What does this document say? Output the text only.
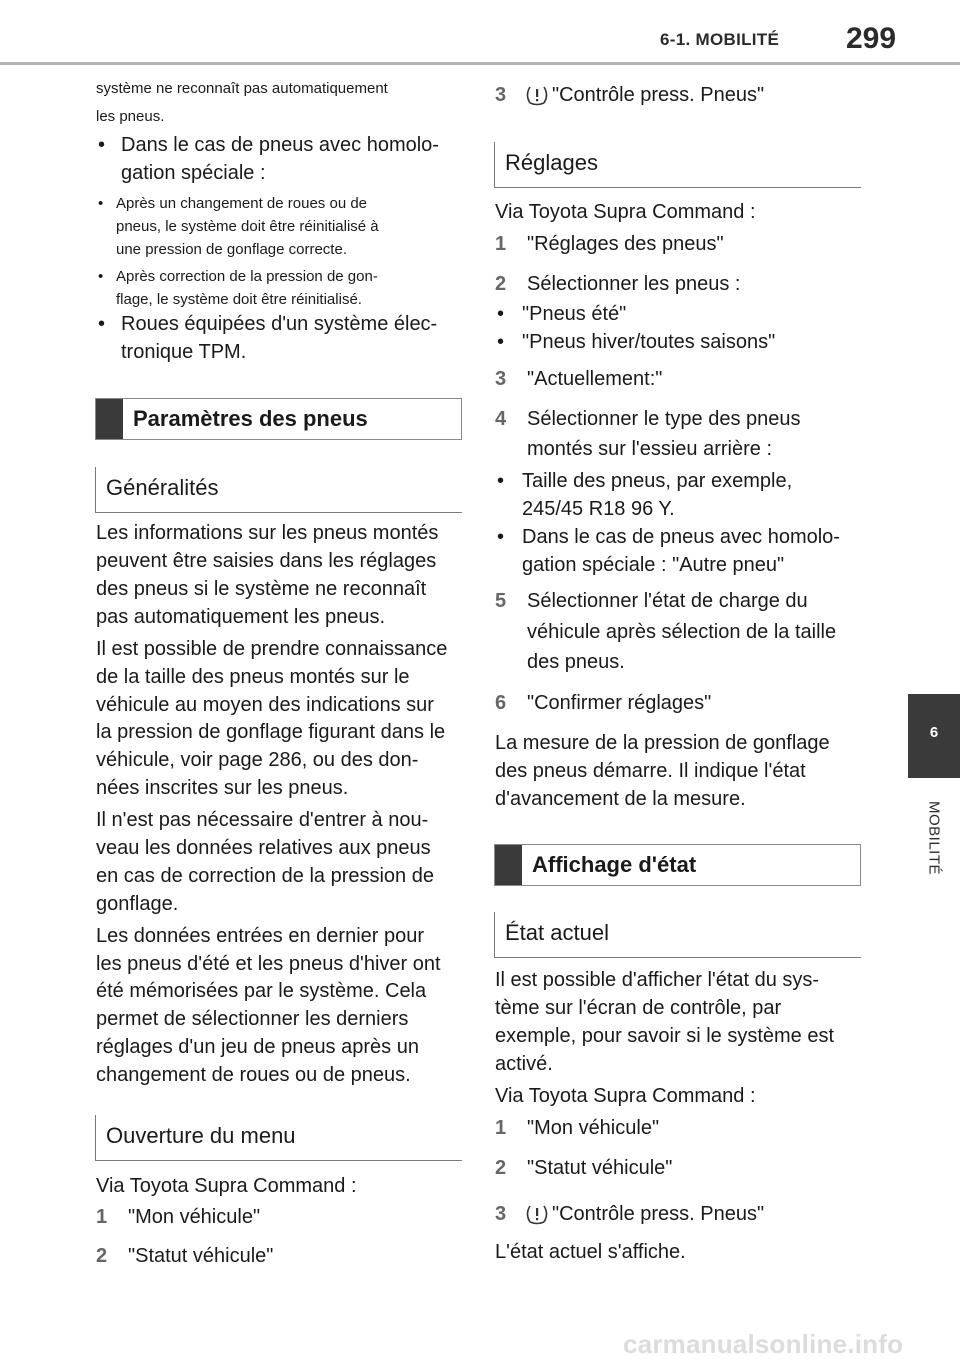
6-1. MOBILITÉ 299
6
MOBILITÉ

système ne reconnaît pas automatiquement

les pneus.

• Dans le cas de pneus avec homolo-

gation spéciale :

• Après un changement de roues ou de

pneus, le système doit être réinitialisé à

une pression de gonflage correcte.

• Après correction de la pression de gon-

flage, le système doit être réinitialisé.

• Roues équipées d'un système élec-

tronique TPM.

Paramètres des pneus
Généralités

Les informations sur les pneus montés

peuvent être saisies dans les réglages

des pneus si le système ne reconnaît

pas automatiquement les pneus.

Il est possible de prendre connaissance

de la taille des pneus montés sur le

véhicule au moyen des indications sur

la pression de gonflage figurant dans le

véhicule, voir page 286, ou des don-

nées inscrites sur les pneus.

Il n'est pas nécessaire d'entrer à nou-

veau les données relatives aux pneus

en cas de correction de la pression de

gonflage.

Les données entrées en dernier pour

les pneus d'été et les pneus d'hiver ont

été mémorisées par le système. Cela

permet de sélectionner les derniers

réglages d'un jeu de pneus après un

changement de roues ou de pneus.

Ouverture du menu

Via Toyota Supra Command :

1 "Mon véhicule"

2 "Statut véhicule"

3 "Contrôle press. Pneus"

Réglages

Via Toyota Supra Command :

1 "Réglages des pneus"

2 Sélectionner les pneus :

• "Pneus été"

• "Pneus hiver/toutes saisons"

3 "Actuellement:"

4 Sélectionner le type des pneus

montés sur l'essieu arrière :

• Taille des pneus, par exemple,

245/45 R18 96 Y.

• Dans le cas de pneus avec homolo-

gation spéciale : "Autre pneu"

5 Sélectionner l'état de charge du

véhicule après sélection de la taille

des pneus.

6 "Confirmer réglages"

La mesure de la pression de gonflage

des pneus démarre. Il indique l'état

d'avancement de la mesure.

Affichage d'état
État actuel

Il est possible d'afficher l'état du sys-

tème sur l'écran de contrôle, par

exemple, pour savoir si le système est

activé.

Via Toyota Supra Command :

1 "Mon véhicule"

2 "Statut véhicule"

3 "Contrôle press. Pneus"

L'état actuel s'affiche.

carmanualsonline.info
